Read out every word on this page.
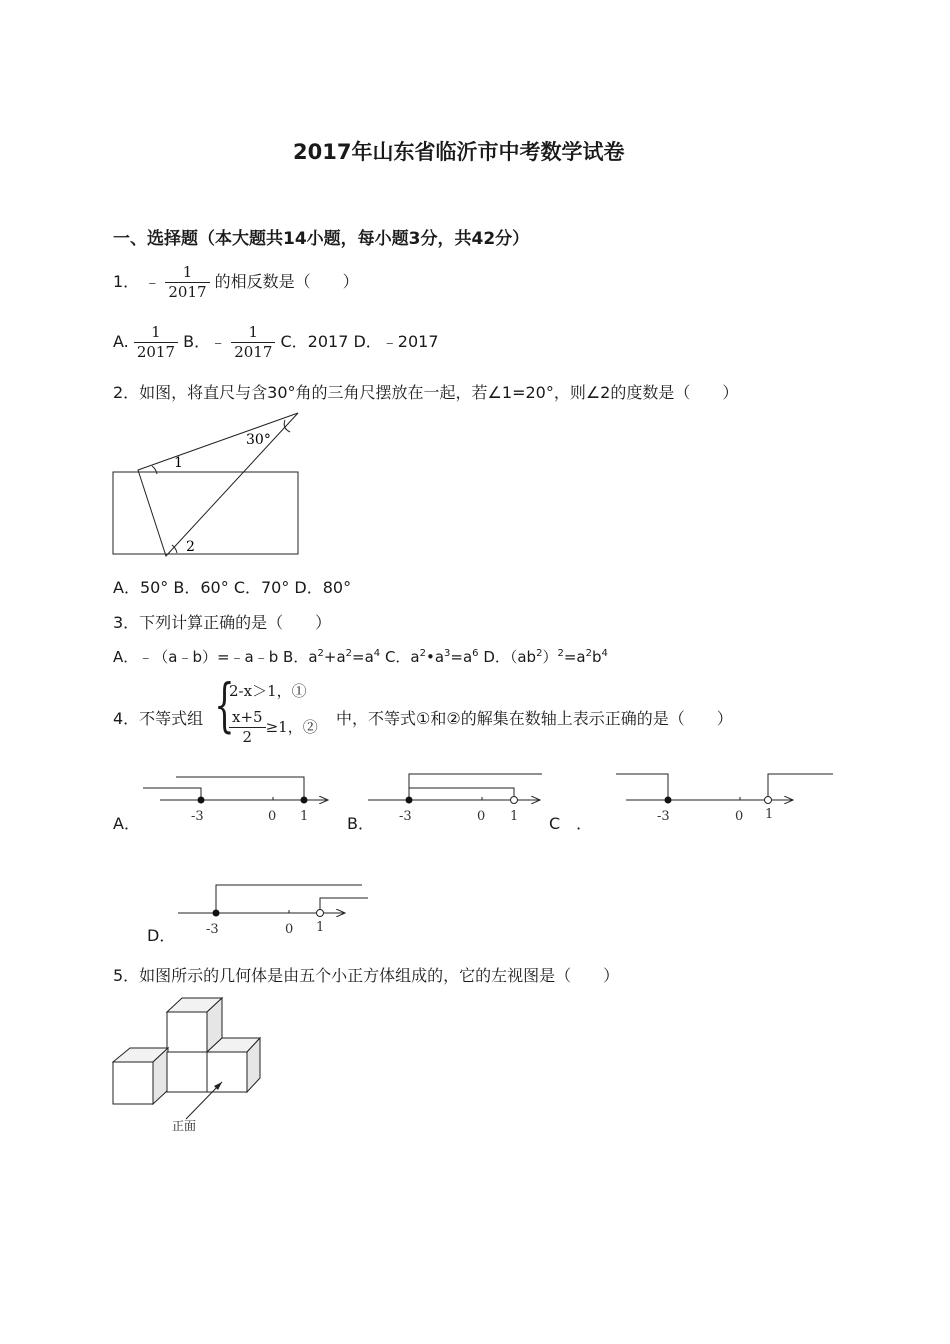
2017年山东省临沂市中考数学试卷
一、选择题（本大题共14小题，每小题3分，共42分）
1． ﹣ $\frac{1}{2017}$ 的相反数是（　　）
A. $\frac{1}{2017}$ B．﹣ $\frac{1}{2017}$ C．2017 D．﹣2017
2．如图，将直尺与含30°角的三角尺摆放在一起，若∠1=20°，则∠2的度数是（　　）
30°
1
2
A．50° B．60° C．70° D．80°
3．下列计算正确的是（　　）
A．﹣（a﹣b）=﹣a﹣b B．$a^2+a^2=a^4$ C．$a^2•a^3=a^6$ D．$(ab^2)^2=a^2b^4$
4．不等式组 {
2-x＞1，①
$\frac{x+5}{2} \ge 1$，② 中，不等式①和②的解集在数轴上表示正确的是（　　）
A．	B．	C　．
D．
-3	0 1	-3	0 1	-3	0 1
-3	0 1
5．如图所示的几何体是由五个小正方体组成的，它的左视图是（　　）
正面
